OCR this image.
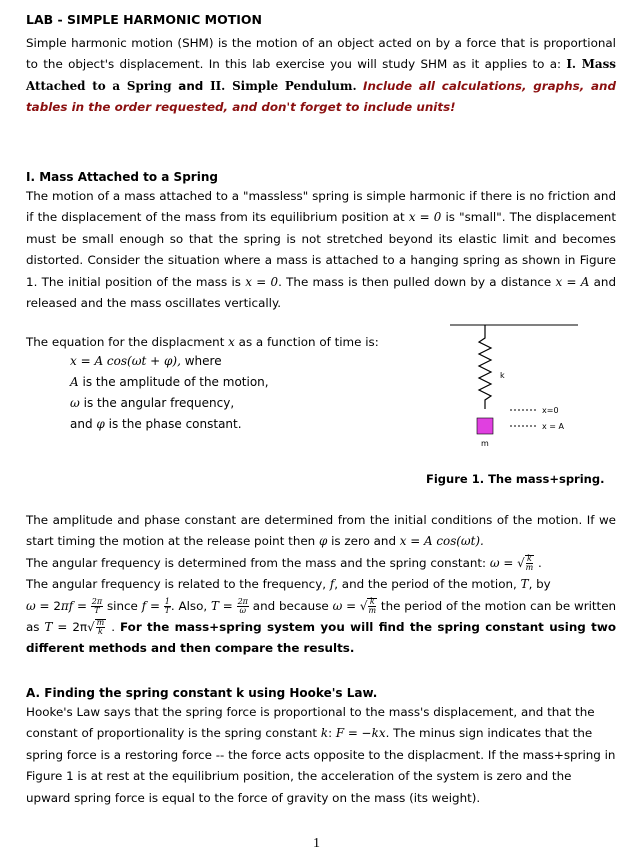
LAB - SIMPLE HARMONIC MOTION

Simple harmonic motion (SHM) is the motion of an object acted on by a force that is proportional to the object's displacement. In this lab exercise you will study SHM as it applies to a: I. Mass Attached to a Spring and II. Simple Pendulum. Include all calculations, graphs, and tables in the order requested, and don't forget to include units!

I. Mass Attached to a Spring

The motion of a mass attached to a "massless" spring is simple harmonic if there is no friction and if the displacement of the mass from its equilibrium position at x = 0 is "small". The displacement must be small enough so that the spring is not stretched beyond its elastic limit and becomes distorted. Consider the situation where a mass is attached to a hanging spring as shown in Figure 1. The initial position of the mass is x = 0. The mass is then pulled down by a distance x = A and released and the mass oscillates vertically.

The equation for the displacment x as a function of time is:
x = A cos(ωt + φ), where
A is the amplitude of the motion,
ω is the angular frequency,
and φ is the phase constant.
k
m
x=0
x = A
Figure 1. The mass+spring.

The amplitude and phase constant are determined from the initial conditions of the motion. If we start timing the motion at the release point then φ is zero and x = A cos(ωt).
The angular frequency is determined from the mass and the spring constant: ω = √ $\frac{k}{m}$ .
The angular frequency is related to the frequency, f, and the period of the motion, T, by
$\omega = 2\pi f = \frac{2\pi}{T}$ since $f = \frac{1}{T}$ . Also, $T = \frac{2\pi}{\omega}$ and because ω = √ $\frac{k}{m}$ the period of the motion can be written as $T = 2\pi√ \frac{m}{k}$ . For the mass+spring system you will find the spring constant using two different methods and then compare the results.

A. Finding the spring constant k using Hooke's Law.

Hooke's Law says that the spring force is proportional to the mass's displacement, and that the constant of proportionality is the spring constant k: F = −kx. The minus sign indicates that the spring force is a restoring force -- the force acts opposite to the displacment. If the mass+spring in Figure 1 is at rest at the equilibrium position, the acceleration of the system is zero and the upward spring force is equal to the force of gravity on the mass (its weight).

1
